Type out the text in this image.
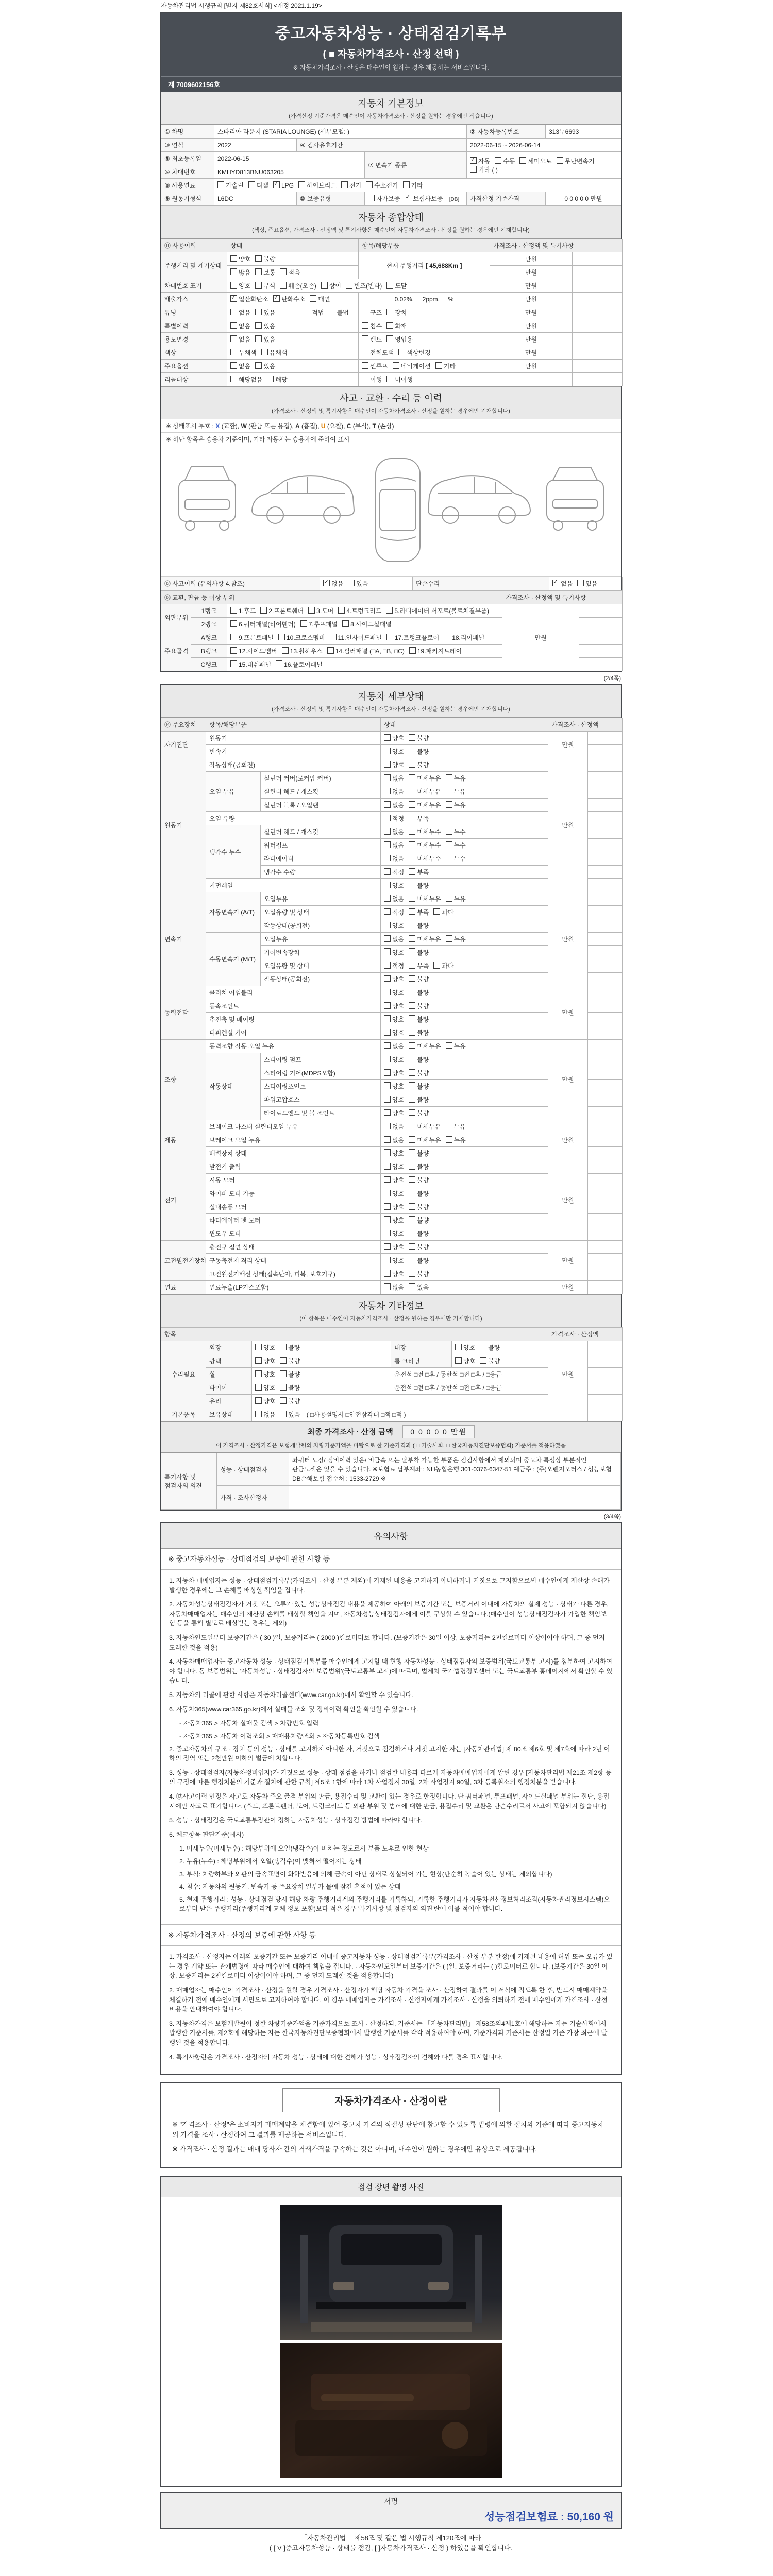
자동차관리법 시행규칙 [별지 제82호서식] <개정 2021.1.19>
중고자동차성능 · 상태점검기록부
( ■ 자동차가격조사 · 산정 선택 )
※ 자동차가격조사 · 산정은 매수인이 원하는 경우 제공하는 서비스입니다.
제 7009602156호
자동차 기본정보
(가격산정 기준가격은 매수인이 자동차가격조사 · 산정을 원하는 경우에만 적습니다)
① 차명	스타리아 라운지 (STARIA LOUNGE) (세부모델: )			② 자동차등록번호	313누6693
③ 연식	2022	④ 검사유효기간		2022-06-15 ~ 2026-06-14	
⑤ 최초등록일	2022-06-15		⑦ 변속기 종류	✓자동 수동 세미오토 무단변속기기타 ( )
⑥ 차대번호	KMHYD813BNU063205				
⑧ 사용연료	가솔린 디젤 ✓ LPG 하이브리드 전기 수소전기 기타
⑨ 원동기형식	L6DC	⑩ 보증유형	자가보증 ✓ 보험사보증 [DB]	가격산정 기준가격	0 0 0 0 0 만원
자동차 종합상태
(색상, 주요옵션, 가격조사 · 산정액 및 특기사항은 매수인이 자동차가격조사 · 산정을 원하는 경우에만 기재합니다)
⑪ 사용이력	상태	항목/해당부품	가격조사 · 산정액 및 특기사항	
주행거리 및 계기상태	양호 불량	현재 주행거리 [ 45,688Km ]	만원	
	많음 보통 적음		만원	
차대번호 표기	양호 부식 훼손(오손) 상이 변조(변타) 도말		만원	
배출가스	✓일산화탄소 ✓ 탄화수소 매연	0.02%,     2ppm,     %	만원	
튜닝	없음 있음 적법 불법	구조 장치	만원	
특별이력	없음 있음	침수 화재	만원	
용도변경	없음 있음	렌트 영업용	만원	
색상	무채색 유채색	전체도색 색상변경	만원	
주요옵션	없음 있음	썬루프 네비게이션 기타	만원	
리콜대상	해당없음 해당	이행 미이행		
사고 · 교환 · 수리 등 이력
(가격조사 · 산정액 및 특기사항은 매수인이 자동차가격조사 · 산정을 원하는 경우에만 기재합니다)
※ 상태표시 부호 : X (교환), W (판금 또는 용접), A (흠집), U (요철), C (부식), T (손상)
※ 하단 항목은 승용차 기준이며, 기타 자동차는 승용차에 준하여 표시
⑫ 사고이력 (유의사항 4.참조)	✓없음 있음	단순수리	✓없음 있음
⑬ 교환, 판금 등 이상 부위			가격조사 · 산정액 및 특기사항	
외판부위	1랭크	1.후드 2.프론트휀더 3.도어 4.트렁크리드 5.라디에이터 서포트(볼트체결부품)	만원	
	2랭크	6.쿼터패널(리어휀더) 7.루프패널 8.사이드실패널		
주요골격	A랭크	9.프론트패널 10.크로스멤버 11.인사이드패널 17.트렁크플로어 18.리어패널		
	B랭크	12.사이드멤버 13.휠하우스 14.필러패널 (□A, □B, □C) 19.패키지트레이		
	C랭크	15.대쉬패널 16.플로어패널		
(2/4쪽)
자동차 세부상태
(가격조사 · 산정액 및 특기사항은 매수인이 자동차가격조사 · 산정을 원하는 경우에만 기재합니다)
⑭ 주요장치	항목/해당부품		상태	가격조사 · 산정액	
자기진단	원동기		양호 불량	만원	
	변속기		양호 불량		
원동기	작동상태(공회전)		양호 불량	만원	
	오일 누유	실린더 커버(로커암 커버)	없음 미세누유 누유		
		실린더 헤드 / 개스킷	없음 미세누유 누유		
		실린더 블록 / 오일팬	없음 미세누유 누유		
	오일 유량		적정 부족		
	냉각수 누수	실린더 헤드 / 개스킷	없음 미세누수 누수		
		워터펌프	없음 미세누수 누수		
		라디에이터	없음 미세누수 누수		
		냉각수 수량	적정 부족		
	커먼레일		양호 불량		
변속기	자동변속기 (A/T)	오일누유	없음 미세누유 누유	만원	
		오일유량 및 상태	적정 부족 과다		
		작동상태(공회전)	양호 불량		
	수동변속기 (M/T)	오일누유	없음 미세누유 누유		
		기어변속장치	양호 불량		
		오일유량 및 상태	적정 부족 과다		
		작동상태(공회전)	양호 불량		
동력전달	클러치 어셈블리		양호 불량	만원	
	등속조인트		양호 불량		
	추진축 및 베어링		양호 불량		
	디퍼렌셜 기어		양호 불량		
조향	동력조향 작동 오일 누유		없음 미세누유 누유	만원	
	작동상태	스티어링 펌프	양호 불량		
		스티어링 기어(MDPS포함)	양호 불량		
		스티어링조인트	양호 불량		
		파워고압호스	양호 불량		
		타이로드엔드 및 볼 조인트	양호 불량		
제동	브레이크 마스터 실린더오일 누유		없음 미세누유 누유	만원	
	브레이크 오일 누유		없음 미세누유 누유		
	배력장치 상태		양호 불량		
전기	발전기 출력		양호 불량	만원	
	시동 모터		양호 불량		
	와이퍼 모터 기능		양호 불량		
	실내송풍 모터		양호 불량		
	라디에이터 팬 모터		양호 불량		
	윈도우 모터		양호 불량		
고전원전기장치	충전구 절연 상태		양호 불량	만원	
	구동축전지 격리 상태		양호 불량		
	고전원전기배선 상태(접속단자, 피복, 보호기구)		양호 불량		
연료	연료누출(LP가스포함)		없음 있음	만원	
자동차 기타정보
(이 항목은 매수인이 자동차가격조사 · 산정을 원하는 경우에만 기재합니다)
항목					가격조사 · 산정액	
수리필요	외장	양호 불량	내장	양호 불량	만원	
	광택	양호 불량	룸 크리닝	양호 불량		
	휠	양호 불량	운전석 □전 □후 / 동반석 □전 □후 / □응급			
	타이어	양호 불량	운전석 □전 □후 / 동반석 □전 □후 / □응급			
	유리	양호 불량				
기본품목	보유상태	없음 있음 ( □사용설명서 □안전삼각대 □잭 □잭 )				
최종 가격조사 · 산정 금액 0 0 0 0 0 만원
이 가격조사 · 산정가격은 보험개발원의 차량기준가액을 바탕으로 한 기준가격과 ( □ 기술사회, □ 한국자동차진단보증협회) 기준서를 적용하였음
특기사항 및 점검자의 의견	성능 · 상태점검자	좌쿼터 도장/ 정비이력 있음/ 비금속 또는 탈부착 가능한 부품은 점검사항에서 제외되며 중고차 특성상 부분적인 판금도색은 있을 수 있습니다. ※보험료 납부계좌 : NH농협은행 301-0376-6347-51 예금주 : (주)오렌지모터스 / 성능보험 DB손해보험 접수처 : 1533-2729 ※
	가격 · 조사산정자	
(3/4쪽)
유의사항
※ 중고자동차성능 · 상태점검의 보증에 관한 사항 등
1. 자동차 매매업자는 성능 · 상태점검기록부(가격조사 · 산정 부분 제외)에 기재된 내용을 고지하지 아니하거나 거짓으로 고지함으로써 매수인에게 재산상 손해가 발생한 경우에는 그 손해를 배상할 책임을 집니다.
2. 자동차성능상태점검자가 거짓 또는 오류가 있는 성능상태점검 내용을 제공하여 아래의 보증기간 또는 보증거리 이내에 자동차의 실제 성능 · 상태가 다른 경우, 자동차매매업자는 매수인의 재산상 손해를 배상할 책임을 지며, 자동차성능상태점검자에게 이를 구상할 수 있습니다.(매수인이 성능상태점검자가 가입한 책임보험 등을 통해 별도로 배상받는 경우는 제외)
3. 자동차인도일부터 보증기간은 ( 30 )일, 보증거리는 ( 2000 )킬로미터로 합니다. (보증기간은 30일 이상, 보증거리는 2천킬로미터 이상이어야 하며, 그 중 먼저 도래한 것을 적용)
4. 자동차매매업자는 중고자동차 성능 · 상태점검기록부를 매수인에게 고지할 때 현행 자동차성능 · 상태점검자의 보증범위(국토교통부 고시)를 첨부하여 고지하여야 합니다. 동 보증범위는 '자동차성능 · 상태점검자의 보증범위'(국토교통부 고시)에 따르며, 법제처 국가법령정보센터 또는 국토교통부 홈페이지에서 확인할 수 있습니다.
5. 자동차의 리콜에 관한 사항은 자동차리콜센터(www.car.go.kr)에서 확인할 수 있습니다.
6. 자동차365(www.car365.go.kr)에서 실매물 조회 및 정비이력 확인을 확인할 수 있습니다.
- 자동차365 > 자동차 실매물 검색 > 차량번호 입력
- 자동차365 > 자동차 이력조회 > 매매용차량조회 > 자동차등록번호 검색
2. 중고자동차의 구조 · 장치 등의 성능 · 상태를 고지하지 아니한 자, 거짓으로 점검하거나 거짓 고지한 자는 [자동차관리법] 제 80조 제6호 및 제7호에 따라 2년 이하의 징역 또는 2천만원 이하의 벌금에 처합니다.
3. 성능 · 상태점검자(자동차정비업자)가 거짓으로 성능 · 상태 점검을 하거나 점검한 내용과 다르게 자동차매매업자에게 알린 경우 [자동차관리법 제21조 제2항 등의 규정에 따른 행정처분의 기준과 절차에 관한 규칙] 제5조 1항에 따라 1차 사업정지 30일, 2차 사업정지 90일, 3차 등록취소의 행정처분을 받습니다.
4. ⑫사고이력 인정은 사고로 자동차 주요 골격 부위의 판금, 용접수리 및 교환이 있는 경우로 한정합니다. 단 쿼터패널, 루프패널, 사이드실패널 부위는 절단, 용접 시에만 사고로 표기합니다. (후드, 프론트펜더, 도어, 트렁크리드 등 외판 부위 및 범퍼에 대한 판금, 용접수리 및 교환은 단순수리로서 사고에 포함되지 않습니다)
5. 성능 · 상태점검은 국토교통부장관이 정하는 자동차성능 · 상태점검 방법에 따라야 합니다.
6. 체크항목 판단기준(예시)
1. 미세누유(미세누수) : 해당부위에 오일(냉각수)이 비치는 정도로서 부품 노후로 인한 현상
2. 누유(누수) : 해당부위에서 오일(냉각수)이 맺혀서 떨어지는 상태
3. 부식: 차량하부와 외판의 금속표면이 화학반응에 의해 금속이 아닌 상태로 상실되어 가는 현상(단순히 녹슬어 있는 상태는 제외합니다)
4. 침수: 자동차의 원동기, 변속기 등 주요장치 일부가 물에 잠긴 흔적이 있는 상태
5. 현재 주행거리 : 성능 · 상태점검 당시 해당 차량 주행거리계의 주행거리를 기록하되, 기록한 주행거리가 자동차전산정보처리조직(자동차관리정보시스템)으로부터 받은 주행거리(주행거리계 교체 정보 포함)보다 적은 경우 '특기사항 및 점검자의 의견'란에 이를 적어야 합니다.
※ 자동차가격조사 · 산정의 보증에 관한 사항 등
1. 가격조사 · 산정자는 아래의 보증기간 또는 보증거리 이내에 중고자동차 성능 · 상태점검기록부(가격조사 · 산정 부분 한정)에 기재된 내용에 허위 또는 오류가 있는 경우 계약 또는 관계법령에 따라 매수인에 대하여 책임을 집니다. · 자동차인도일부터 보증기간은 ( )일, 보증거리는 ( )킬로미터로 합니다. (보증기간은 30일 이상, 보증거리는 2천킬로미터 이상이어야 하며, 그 중 먼저 도래한 것을 적용합니다)
2. 매매업자는 매수인이 가격조사 · 산정을 원할 경우 가격조사 · 산정자가 해당 자동차 가격을 조사 · 산정하여 결과를 이 서식에 적도록 한 후, 반드시 매매계약을 체결하기 전에 매수인에게 서면으로 고지하여야 합니다. 이 경우 매매업자는 가격조사 · 산정자에게 가격조사 · 산정을 의뢰하기 전에 매수인에게 가격조사 · 산정 비용을 안내하여야 합니다.
3. 자동차가격은 보험개발원이 정한 차량기준가액을 기준가격으로 조사 · 산정하되, 기준서는 「자동차관리법」 제58조의4제1호에 해당하는 자는 기술사회에서 발행한 기준서를, 제2호에 해당하는 자는 한국자동차진단보증협회에서 발행한 기준서를 각각 적용하여야 하며, 기준가격과 기준서는 산정일 기준 가장 최근에 발행된 것을 적용합니다.
4. 특기사항란은 가격조사 · 산정자의 자동차 성능 · 상태에 대한 견해가 성능 · 상태점검자의 견해와 다를 경우 표시합니다.
자동차가격조사 · 산정이란
※ "가격조사 · 산정"은 소비자가 매매계약을 체결함에 있어 중고차 가격의 적절성 판단에 참고할 수 있도록 법령에 의한 절차와 기준에 따라 중고자동차의 가격을 조사 · 산정하여 그 결과를 제공하는 서비스입니다.
※ 가격조사 · 산정 결과는 매매 당사자 간의 거래가격을 구속하는 것은 아니며, 매수인이 원하는 경우에만 유상으로 제공됩니다.
점검 장면 촬영 사진
서명
성능점검보험료 : 50,160 원
「자동차관리법」 제58조 및 같은 법 시행규칙 제120조에 따라
( [ V ]중고자동차성능 · 상태를 점검, [ ]자동차가격조사 · 산정 ) 하였음을 확인합니다.
